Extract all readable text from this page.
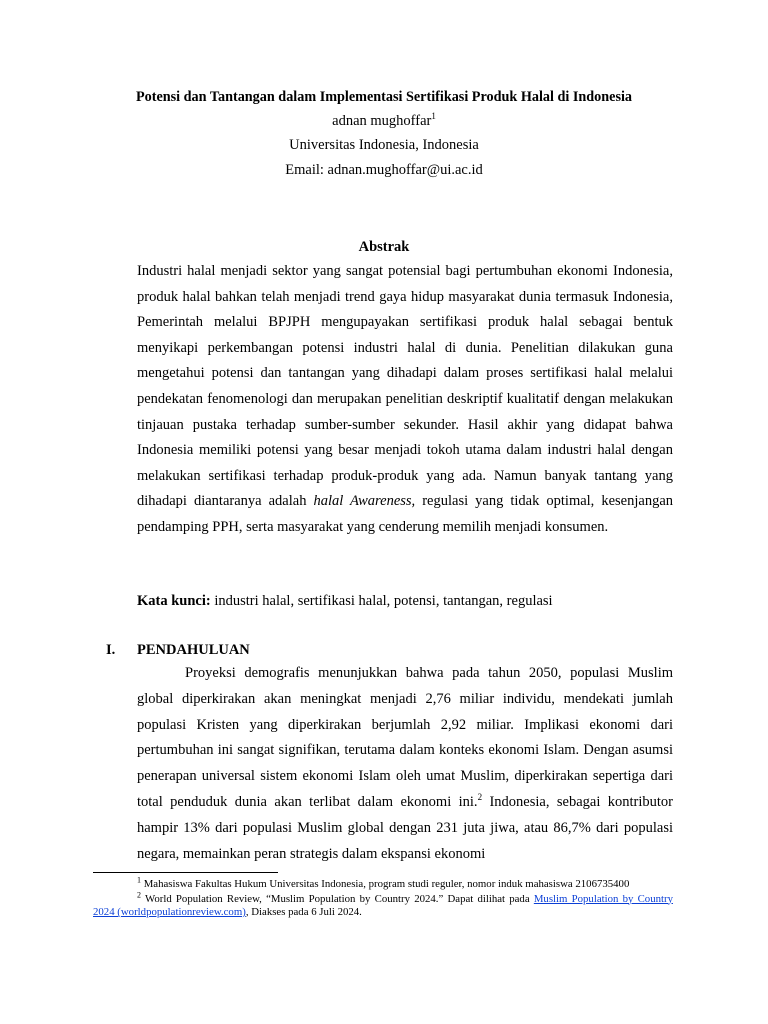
Potensi dan Tantangan dalam Implementasi Sertifikasi Produk Halal di Indonesia
adnan mughoffar$^1$
Universitas Indonesia, Indonesia
Email: adnan.mughoffar@ui.ac.id
Abstrak
Industri halal menjadi sektor yang sangat potensial bagi pertumbuhan ekonomi Indonesia, produk halal bahkan telah menjadi trend gaya hidup masyarakat dunia termasuk Indonesia, Pemerintah melalui BPJPH mengupayakan sertifikasi produk halal sebagai bentuk menyikapi perkembangan potensi industri halal di dunia. Penelitian dilakukan guna mengetahui potensi dan tantangan yang dihadapi dalam proses sertifikasi halal melalui pendekatan fenomenologi dan merupakan penelitian deskriptif kualitatif dengan melakukan tinjauan pustaka terhadap sumber-sumber sekunder. Hasil akhir yang didapat bahwa Indonesia memiliki potensi yang besar menjadi tokoh utama dalam industri halal dengan melakukan sertifikasi terhadap produk-produk yang ada. Namun banyak tantang yang dihadapi diantaranya adalah halal Awareness, regulasi yang tidak optimal, kesenjangan pendamping PPH, serta masyarakat yang cenderung memilih menjadi konsumen.
Kata kunci: industri halal, sertifikasi halal, potensi, tantangan, regulasi
I. PENDAHULUAN
Proyeksi demografis menunjukkan bahwa pada tahun 2050, populasi Muslim global diperkirakan akan meningkat menjadi 2,76 miliar individu, mendekati jumlah populasi Kristen yang diperkirakan berjumlah 2,92 miliar. Implikasi ekonomi dari pertumbuhan ini sangat signifikan, terutama dalam konteks ekonomi Islam. Dengan asumsi penerapan universal sistem ekonomi Islam oleh umat Muslim, diperkirakan sepertiga dari total penduduk dunia akan terlibat dalam ekonomi ini.$^2$ Indonesia, sebagai kontributor hampir 13% dari populasi Muslim global dengan 231 juta jiwa, atau 86,7% dari populasi negara, memainkan peran strategis dalam ekspansi ekonomi
$^1$ Mahasiswa Fakultas Hukum Universitas Indonesia, program studi reguler, nomor induk mahasiswa 2106735400
$^2$ World Population Review, “Muslim Population by Country 2024.” Dapat dilihat pada Muslim Population by Country 2024 (worldpopulationreview.com), Diakses pada 6 Juli 2024.
